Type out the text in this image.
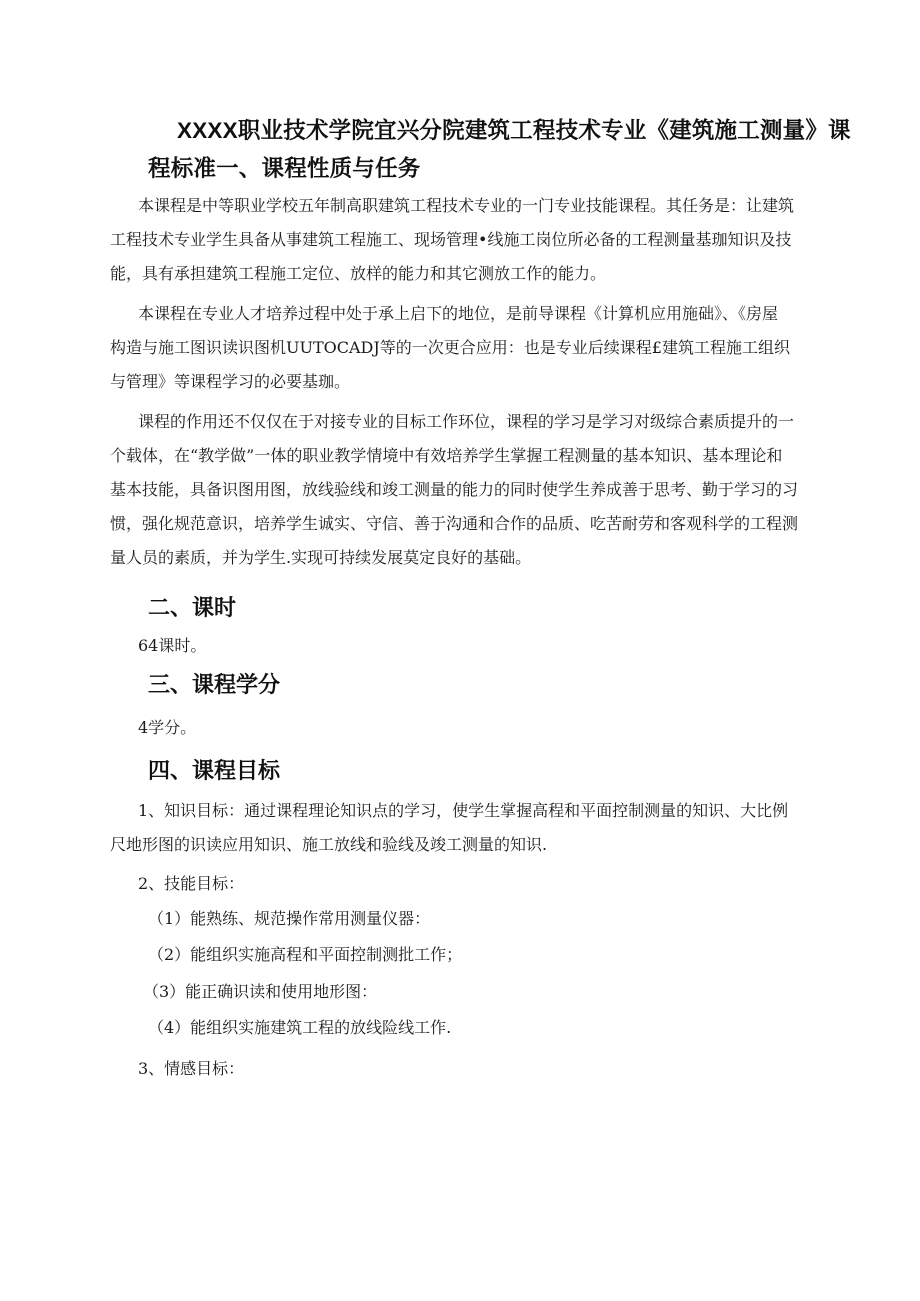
XXXX职业技术学院宜兴分院建筑工程技术专业《建筑施工测量》课
程标准一、课程性质与任务
本课程是中等职业学校五年制高职建筑工程技术专业的一门专业技能课程。其任务是：让建筑
工程技术专业学生具备从事建筑工程施工、现场管理•线施工岗位所必备的工程测量基珈知识及技
能，具有承担建筑工程施工定位、放样的能力和其它测放工作的能力。
本课程在专业人才培养过程中处于承上启下的地位，是前导课程《计算机应用施础》、《房屋
构造与施工图识读识图机UUTOCADJ等的一次更合应用：也是专业后续课程£建筑工程施工组织
与管理》等课程学习的必要基珈。
课程的作用还不仅仅在于对接专业的目标工作环位，课程的学习是学习对级综合素质提升的一
个载体，在“教学做”一体的职业教学情境中有效培养学生掌握工程测量的基本知识、基本理论和
基本技能，具备识图用图，放线验线和竣工测量的能力的同时使学生养成善于思考、勤于学习的习
惯，强化规范意识，培养学生诚实、守信、善于沟通和合作的品质、吃苦耐劳和客观科学的工程测
量人员的素质，并为学生.实现可持续发展莫定良好的基础。
二、课时
64课时。
三、课程学分
4学分。
四、课程目标
1、知识目标：通过课程理论知识点的学习，使学生掌握高程和平面控制测量的知识、大比例
尺地形图的识读应用知识、施工放线和验线及竣工测量的知识.
2、技能目标：
（1）能熟练、规范操作常用测量仪器：
（2）能组织实施高程和平面控制测批工作；
（3）能正确识读和使用地形图：
（4）能组织实施建筑工程的放线险线工作.
3、情感目标：
